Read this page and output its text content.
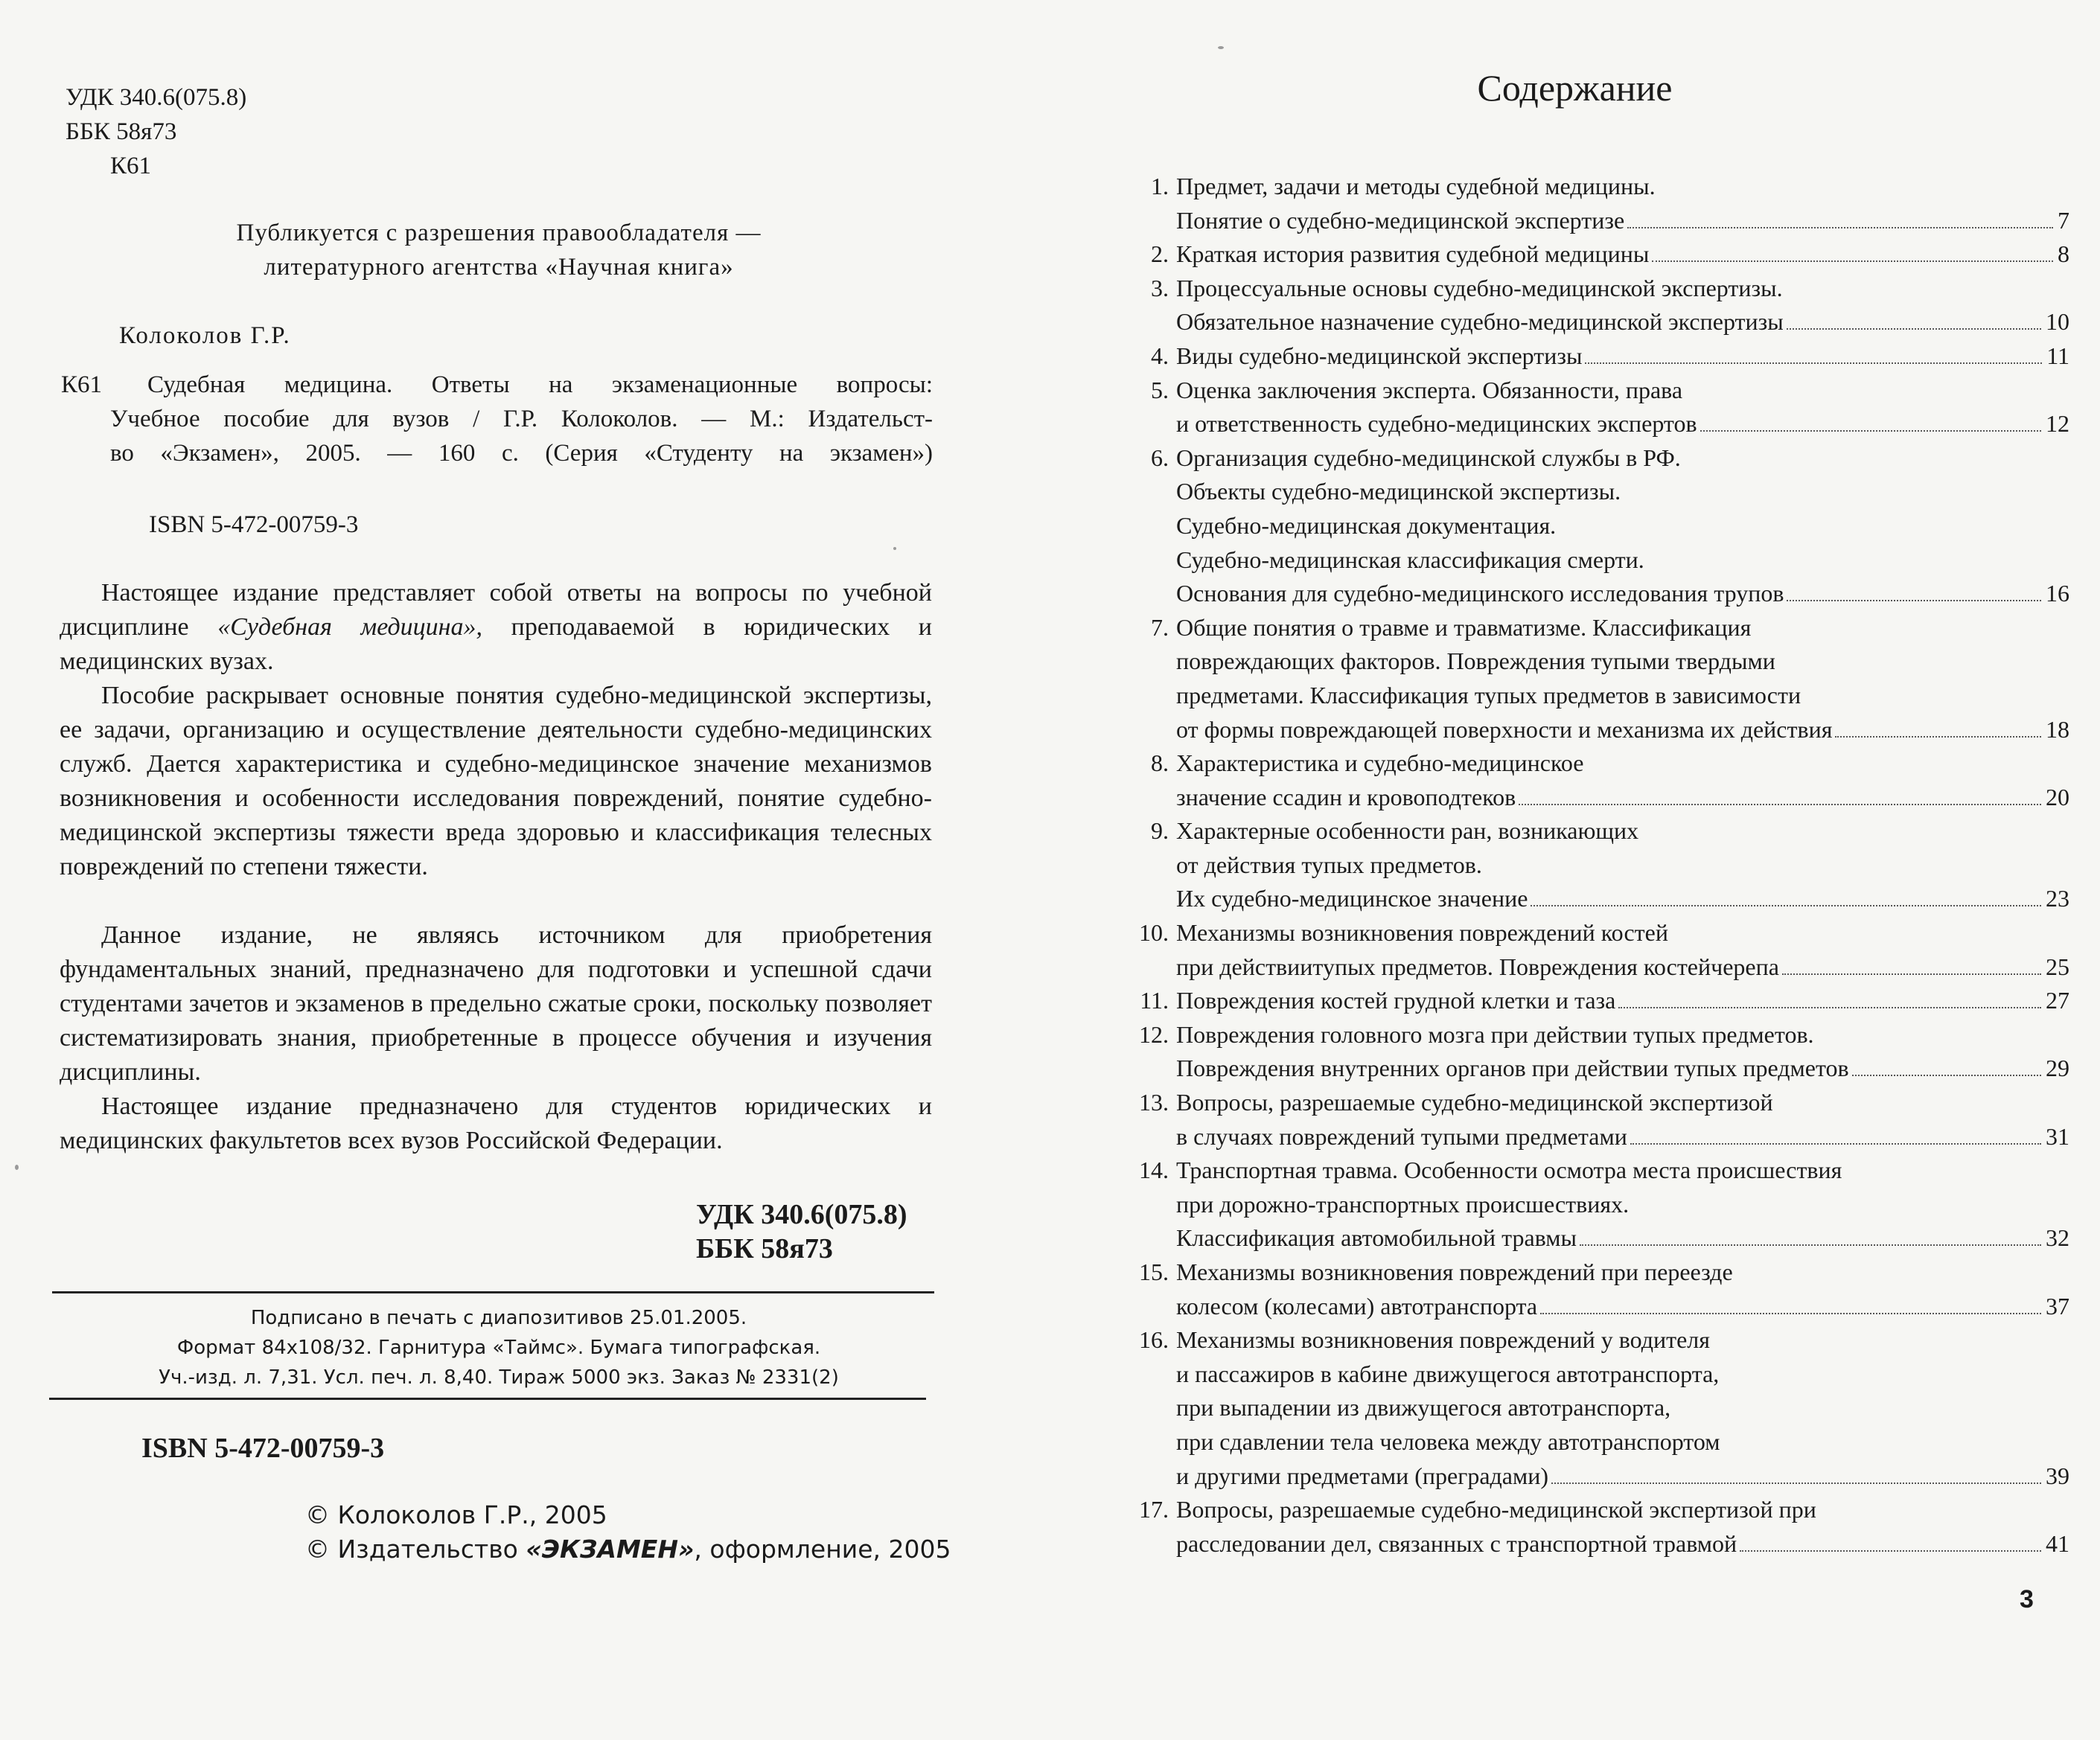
УДК 340.6(075.8)
ББК 58я73
К61
Публикуется с разрешения правообладателя —
литературного агентства «Научная книга»
Колоколов Г.Р.
К61 Судебная медицина. Ответы на экзаменационные вопросы:
Учебное пособие для вузов / Г.Р. Колоколов. — М.: Издательст-
во «Экзамен», 2005. — 160 с. (Серия «Студенту на экзамен»)
ISBN 5-472-00759-3

Настоящее издание представляет собой ответы на вопросы по учебной дисциплине «Судебная медицина», преподаваемой в юридических и медицинских вузах.

Пособие раскрывает основные понятия судебно-медицинской экспертизы, ее задачи, организацию и осуществление деятельности судебно-медицинских служб. Дается характеристика и судебно-медицинское значение механизмов возникновения и особенности исследования повреждений, понятие судебно-медицинской экспертизы тяжести вреда здоровью и классификация телесных повреждений по степени тяжести.

Данное издание, не являясь источником для приобретения фундаментальных знаний, предназначено для подготовки и успешной сдачи студентами зачетов и экзаменов в предельно сжатые сроки, поскольку позволяет систематизировать знания, приобретенные в процессе обучения и изучения дисциплины.

Настоящее издание предназначено для студентов юридических и медицинских факультетов всех вузов Российской Федерации.

УДК 340.6(075.8)
ББК 58я73
Подписано в печать с диапозитивов 25.01.2005.
Формат 84x108/32. Гарнитура «Таймс». Бумага типографская.
Уч.-изд. л. 7,31. Усл. печ. л. 8,40. Тираж 5000 экз. Заказ № 2331(2)
ISBN 5-472-00759-3
© Колоколов Г.Р., 2005
© Издательство «ЭКЗАМЕН», оформление, 2005
Содержание
1. Предмет, задачи и методы судебной медицины.
Понятие о судебно-медицинской экспертизе	7
2. Краткая история развития судебной медицины	8
3. Процессуальные основы судебно-медицинской экспертизы.
Обязательное назначение судебно-медицинской экспертизы	10
4. Виды судебно-медицинской экспертизы	11
5. Оценка заключения эксперта. Обязанности, права
и ответственность судебно-медицинских экспертов	12
6. Организация судебно-медицинской службы в РФ.
Объекты судебно-медицинской экспертизы.
Судебно-медицинская документация.
Судебно-медицинская классификация смерти.
Основания для судебно-медицинского исследования трупов	16
7. Общие понятия о травме и травматизме. Классификация
повреждающих факторов. Повреждения тупыми твердыми
предметами. Классификация тупых предметов в зависимости
от формы повреждающей поверхности и механизма их действия	18
8. Характеристика и судебно-медицинское
значение ссадин и кровоподтеков	20
9. Характерные особенности ран, возникающих
от действия тупых предметов.
Их судебно-медицинское значение	23
10. Механизмы возникновения повреждений костей
при действиитупых предметов. Повреждения костейчерепа	25
11. Повреждения костей грудной клетки и таза	27
12. Повреждения головного мозга при действии тупых предметов.
Повреждения внутренних органов при действии тупых предметов	29
13. Вопросы, разрешаемые судебно-медицинской экспертизой
в случаях повреждений тупыми предметами	31
14. Транспортная травма. Особенности осмотра места происшествия
при дорожно-транспортных происшествиях.
Классификация автомобильной травмы	32
15. Механизмы возникновения повреждений при переезде
колесом (колесами) автотранспорта	37
16. Механизмы возникновения повреждений у водителя
и пассажиров в кабине движущегося автотранспорта,
при выпадении из движущегося автотранспорта,
при сдавлении тела человека между автотранспортом
и другими предметами (преградами)	39
17. Вопросы, разрешаемые судебно-медицинской экспертизой при
расследовании дел, связанных с транспортной травмой	41
3
